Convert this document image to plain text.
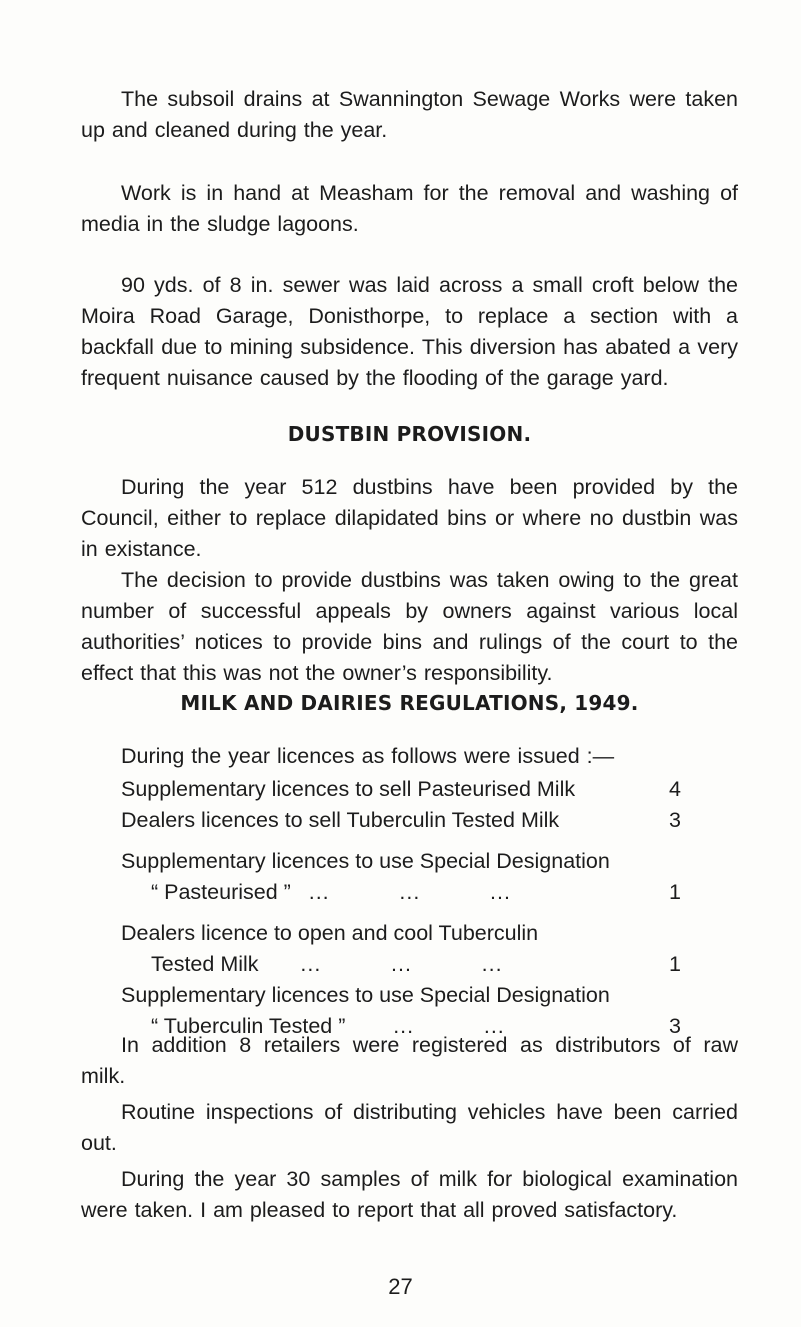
The subsoil drains at Swannington Sewage Works were taken up and cleaned during the year.

Work is in hand at Measham for the removal and washing of media in the sludge lagoons.

90 yds. of 8 in. sewer was laid across a small croft below the Moira Road Garage, Donisthorpe, to replace a section with a backfall due to mining subsidence. This diversion has abated a very frequent nuisance caused by the flooding of the garage yard.

DUSTBIN PROVISION.

During the year 512 dustbins have been provided by the Council, either to replace dilapidated bins or where no dustbin was in existance.

The decision to provide dustbins was taken owing to the great number of successful appeals by owners against various local authorities’ notices to provide bins and rulings of the court to the effect that this was not the owner’s responsibility.

MILK AND DAIRIES REGULATIONS, 1949.

During the year licences as follows were issued :—

Supplementary licences to sell Pasteurised Milk	4
Dealers licences to sell Tuberculin Tested Milk	3
Supplementary licences to use Special Designation
“ Pasteurised ” ...          ...          ...	1
Dealers licence to open and cool Tuberculin
Tested Milk ...          ...          ...	1
Supplementary licences to use Special Designation
“ Tuberculin Tested ” ...          ...	3

In addition 8 retailers were registered as distributors of raw milk.

Routine inspections of distributing vehicles have been carried out.

During the year 30 samples of milk for biological examination were taken. I am pleased to report that all proved satisfactory.

27
